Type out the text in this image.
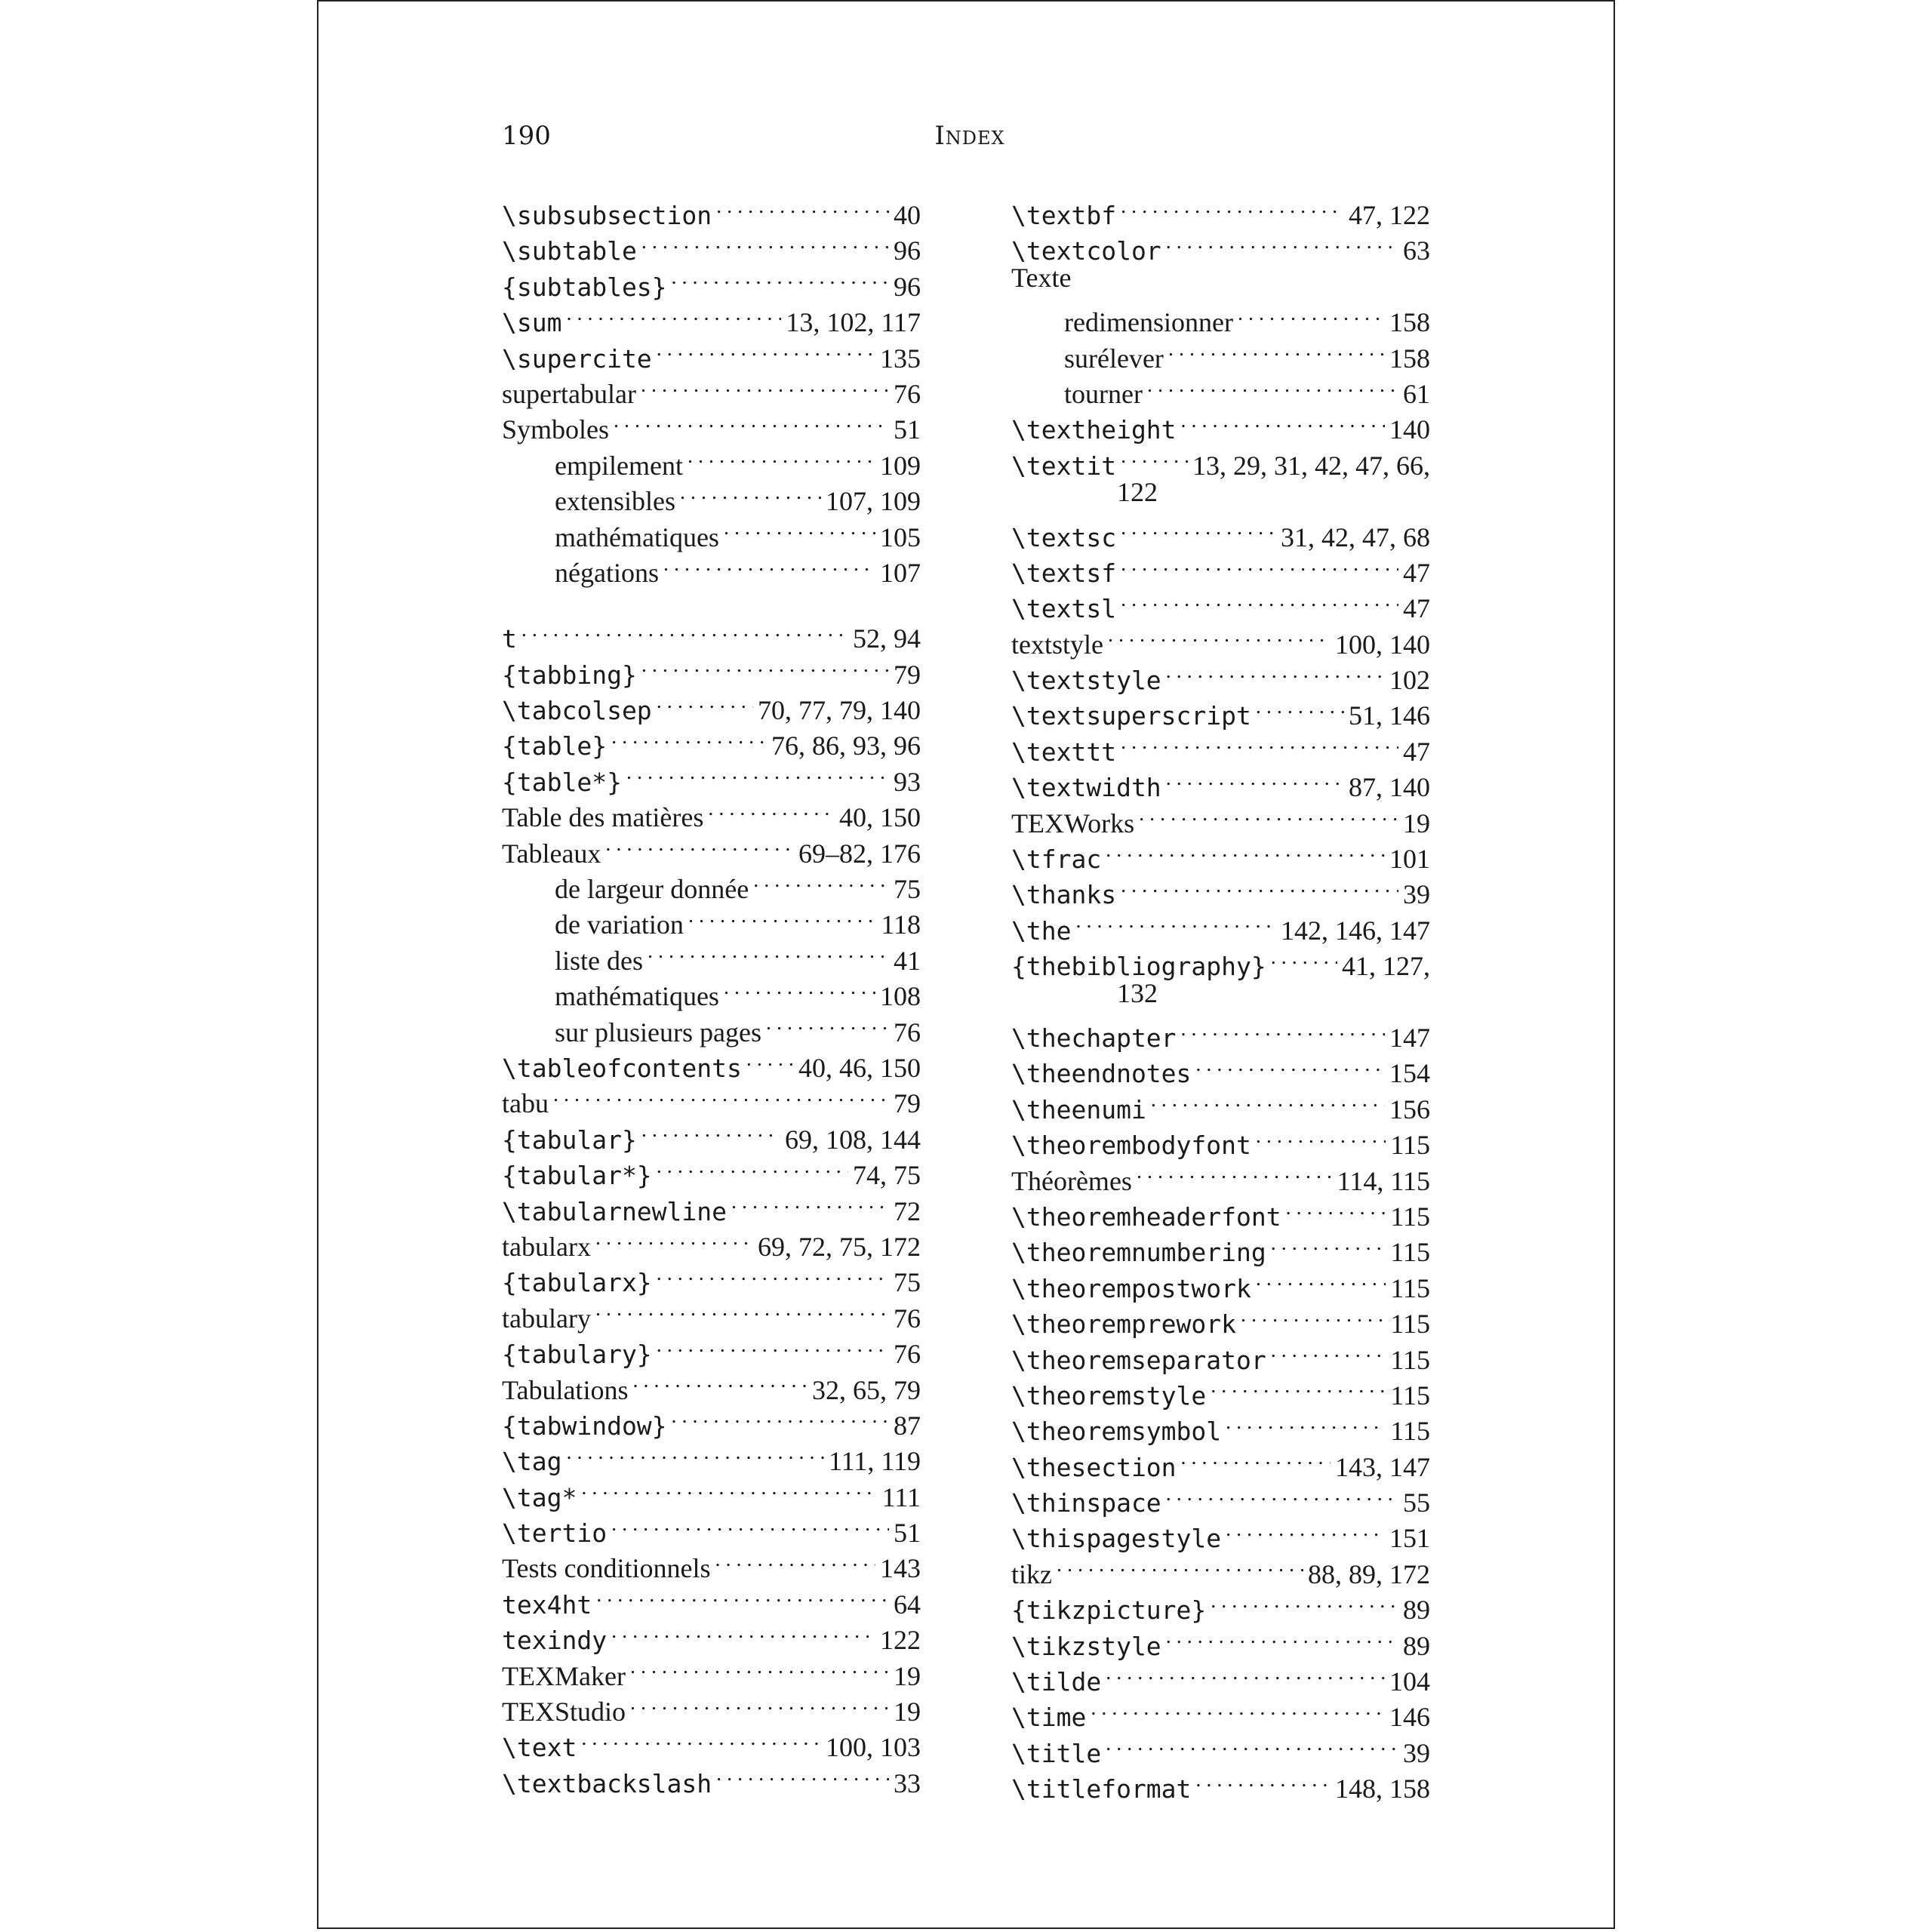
190	Index
\subsubsection . . .	40
\subtable . . .	96
{subtables} . . .	96
\sum . . .	13, 102, 117
\supercite . . .	135
supertabular . . .	76
Symboles . . .	51
empilement . . .	109
extensibles . . .	107, 109
mathématiques . . .	105
négations . . .	107
t . . .	52, 94
{tabbing} . . .	79
\tabcolsep . . .	70, 77, 79, 140
{table} . . .	76, 86, 93, 96
{table*} . . .	93
Table des matières . . .	40, 150
Tableaux . . .	69–82, 176
de largeur donnée . . .	75
de variation . . .	118
liste des . . .	41
mathématiques . . .	108
sur plusieurs pages . . .	76
\tableofcontents . . . 40, 46, 150
tabu . . .	79
{tabular} . . .	69, 108, 144
{tabular*} . . .	74, 75
\tabularnewline . . .	72
tabularx . . .	69, 72, 75, 172
{tabularx} . . .	75
tabulary . . .	76
{tabulary} . . .	76
Tabulations . . .	32, 65, 79
{tabwindow} . . .	87
\tag . . .	111, 119
\tag* . . .	111
\tertio . . .	51
Tests conditionnels . . .	143
tex4ht . . .	64
texindy . . .	122
TEXMaker . . .	19
TEXStudio . . .	19
\text . . .	100, 103
\textbackslash . . .	33
\textbf . . .	47, 122
\textcolor . . .	63
Texte
redimensionner . . .	158
surélever . . .	158
tourner . . .	61
\textheight . . .	140
\textit . . .	13, 29, 31, 42, 47, 66,
122
\textsc . . .	31, 42, 47, 68
\textsf . . .	47
\textsl . . .	47
textstyle . . .	100, 140
\textstyle . . .	102
\textsuperscript . . .	51, 146
\texttt . . .	47
\textwidth . . .	87, 140
TEXWorks . . .	19
\tfrac . . .	101
\thanks . . .	39
\the . . .	142, 146, 147
{thebibliography} . . .	41, 127,
132
\thechapter . . .	147
\theendnotes . . .	154
\theenumi . . .	156
\theorembodyfont . . .	115
Théorèmes . . .	114, 115
\theoremheaderfont . . .	115
\theoremnumbering . . .	115
\theorempostwork . . .	115
\theoremprework . . .	115
\theoremseparator . . .	115
\theoremstyle . . .	115
\theoremsymbol . . .	115
\thesection . . .	143, 147
\thinspace . . .	55
\thispagestyle . . .	151
tikz . . .	88, 89, 172
{tikzpicture} . . .	89
\tikzstyle . . .	89
\tilde . . .	104
\time . . .	146
\title . . .	39
\titleformat . . .	148, 158
